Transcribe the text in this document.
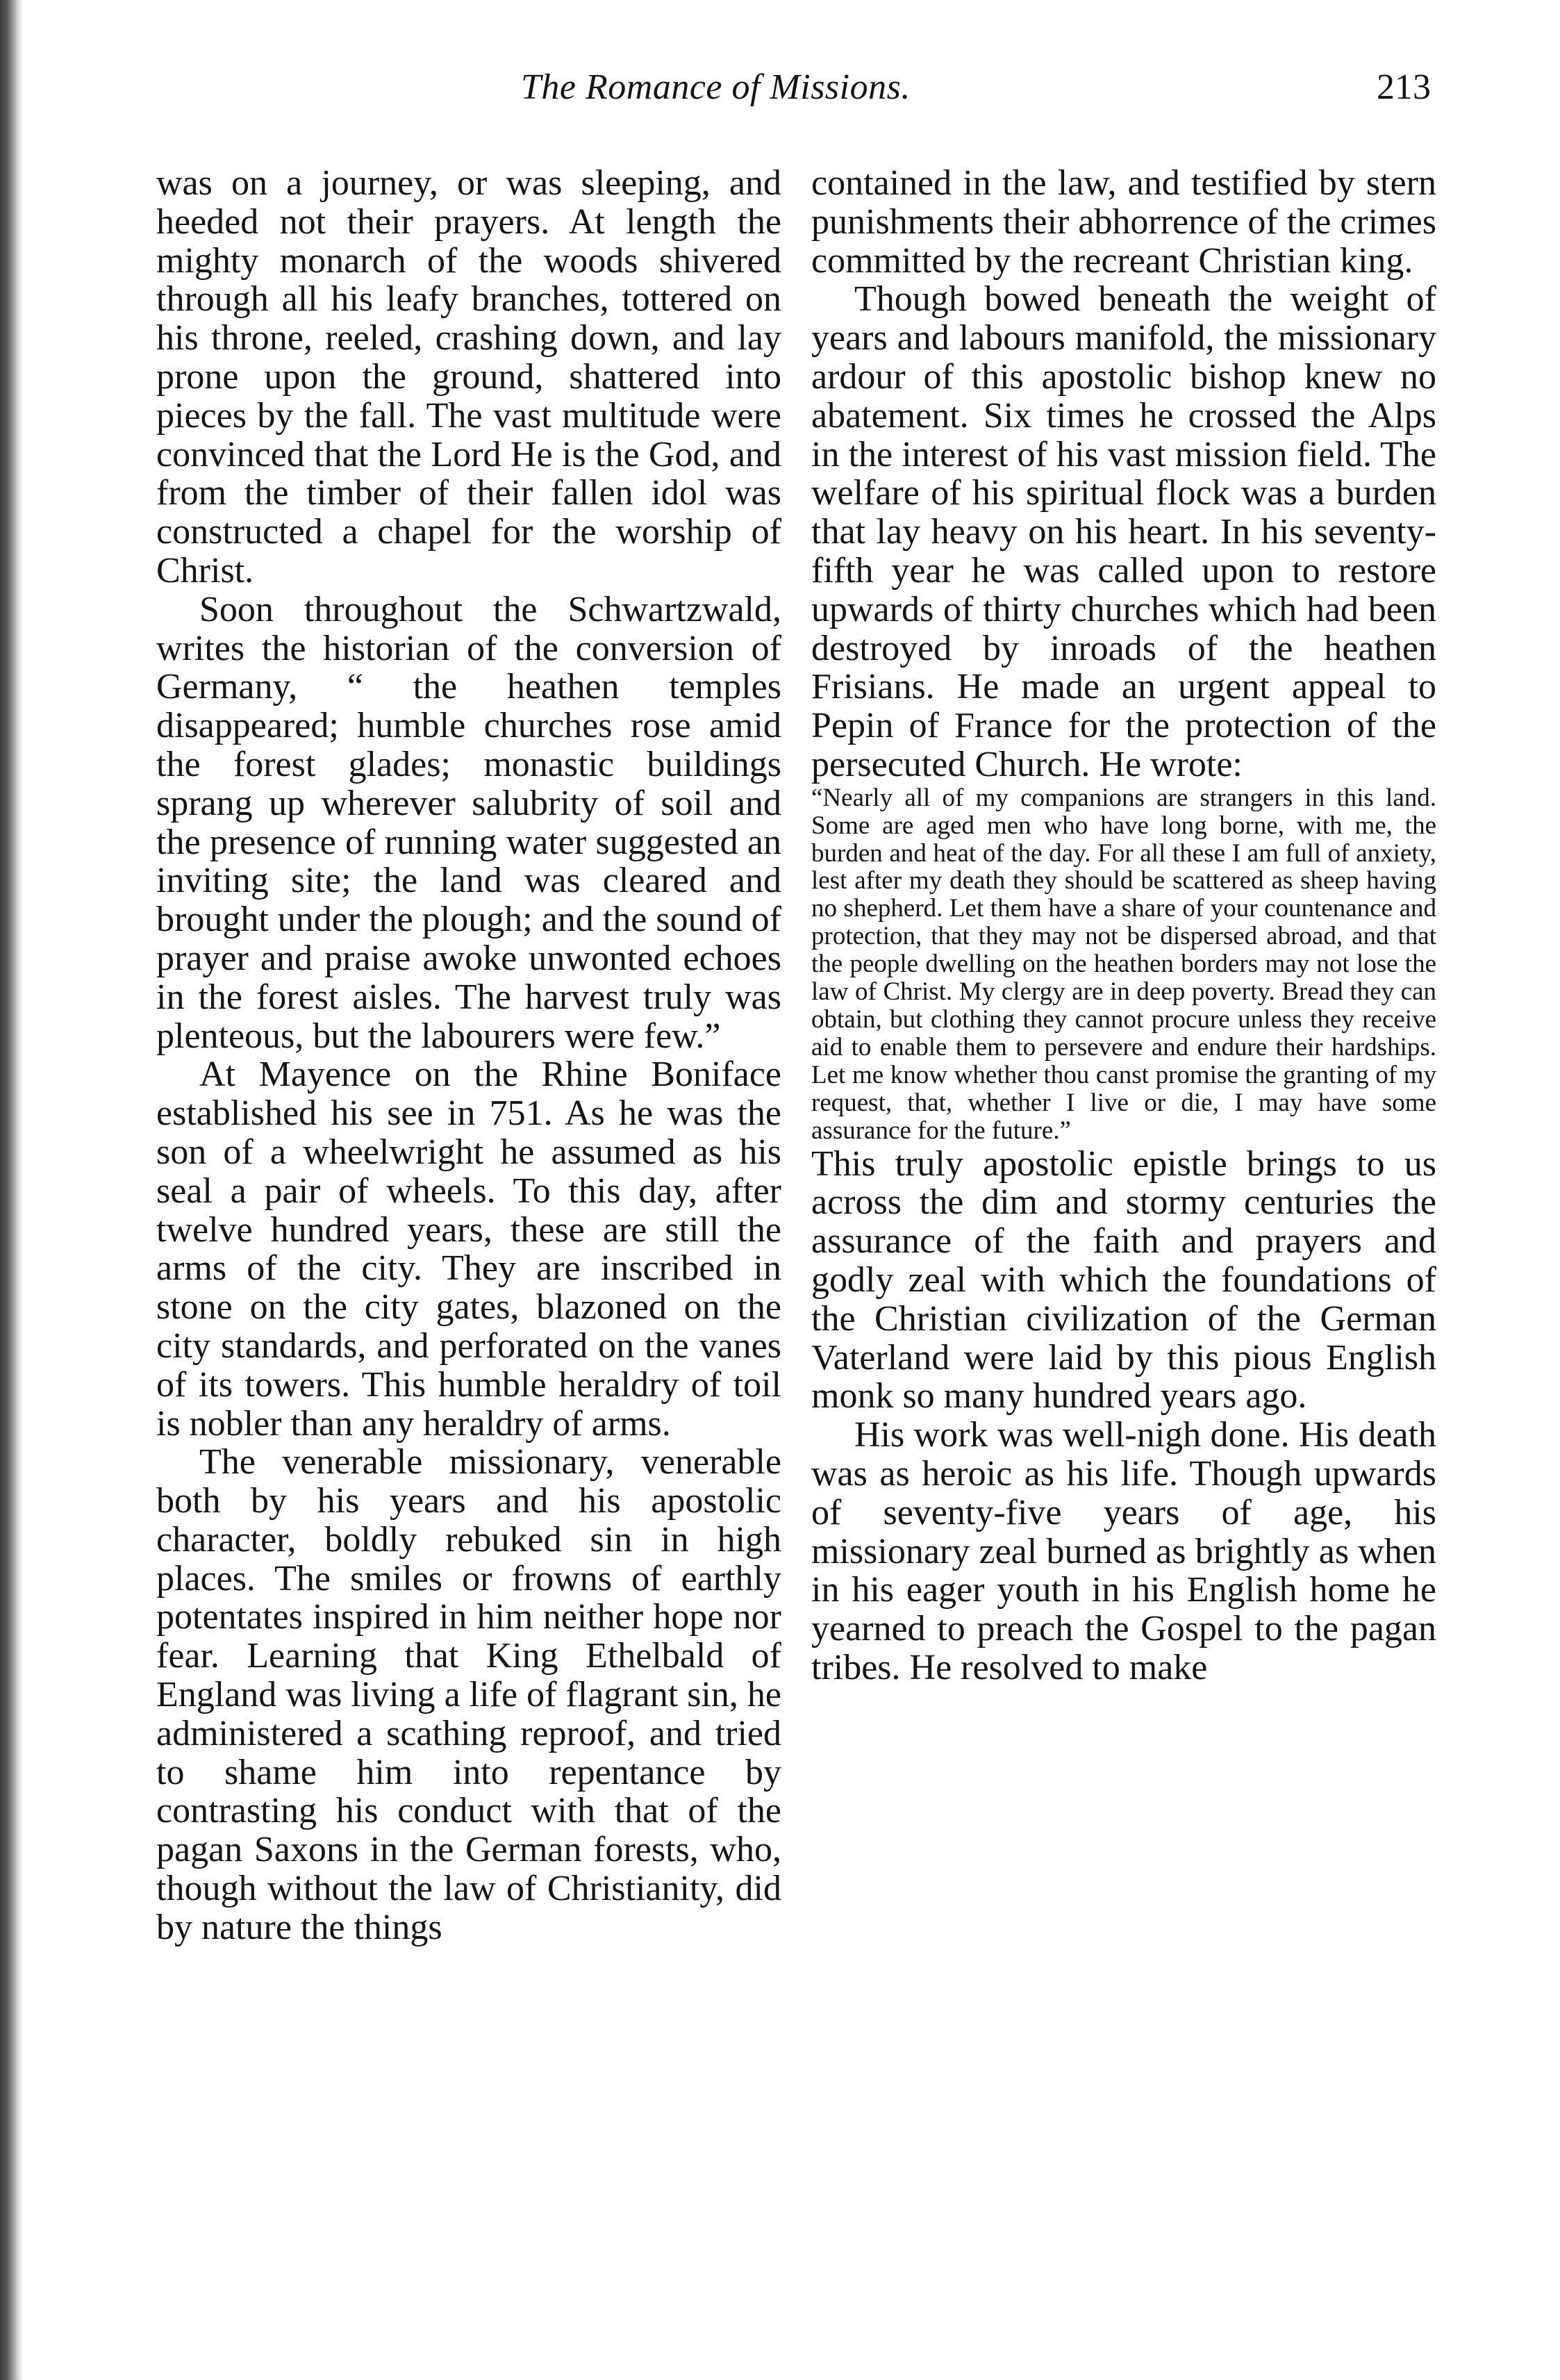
The Romance of Missions.	213

was on a journey, or was sleeping, and heeded not their prayers. At length the mighty monarch of the woods shivered through all his leafy branches, tottered on his throne, reeled, crashing down, and lay prone upon the ground, shattered into pieces by the fall. The vast multitude were convinced that the Lord He is the God, and from the timber of their fallen idol was constructed a chapel for the worship of Christ.

Soon throughout the Schwartzwald, writes the historian of the conversion of Germany, “ the heathen temples disappeared; humble churches rose amid the forest glades; monastic buildings sprang up wherever salubrity of soil and the presence of running water suggested an inviting site; the land was cleared and brought under the plough; and the sound of prayer and praise awoke unwonted echoes in the forest aisles. The harvest truly was plenteous, but the labourers were few.”

At Mayence on the Rhine Boniface established his see in 751. As he was the son of a wheelwright he assumed as his seal a pair of wheels. To this day, after twelve hundred years, these are still the arms of the city. They are inscribed in stone on the city gates, blazoned on the city standards, and perforated on the vanes of its towers. This humble heraldry of toil is nobler than any heraldry of arms.

The venerable missionary, venerable both by his years and his apostolic character, boldly rebuked sin in high places. The smiles or frowns of earthly potentates inspired in him neither hope nor fear. Learning that King Ethelbald of England was living a life of flagrant sin, he administered a scathing reproof, and tried to shame him into repentance by contrasting his conduct with that of the pagan Saxons in the German forests, who, though without the law of Christianity, did by nature the things

contained in the law, and testified by stern punishments their abhorrence of the crimes committed by the recreant Christian king.

Though bowed beneath the weight of years and labours manifold, the missionary ardour of this apostolic bishop knew no abatement. Six times he crossed the Alps in the interest of his vast mission field. The welfare of his spiritual flock was a burden that lay heavy on his heart. In his seventy-fifth year he was called upon to restore upwards of thirty churches which had been destroyed by inroads of the heathen Frisians. He made an urgent appeal to Pepin of France for the protection of the persecuted Church. He wrote:

“Nearly all of my companions are strangers in this land. Some are aged men who have long borne, with me, the burden and heat of the day. For all these I am full of anxiety, lest after my death they should be scattered as sheep having no shepherd. Let them have a share of your countenance and protection, that they may not be dispersed abroad, and that the people dwelling on the heathen borders may not lose the law of Christ. My clergy are in deep poverty. Bread they can obtain, but clothing they cannot procure unless they receive aid to enable them to persevere and endure their hardships. Let me know whether thou canst promise the granting of my request, that, whether I live or die, I may have some assurance for the future.”

This truly apostolic epistle brings to us across the dim and stormy centuries the assurance of the faith and prayers and godly zeal with which the foundations of the Christian civilization of the German Vaterland were laid by this pious English monk so many hundred years ago.

His work was well-nigh done. His death was as heroic as his life. Though upwards of seventy-five years of age, his missionary zeal burned as brightly as when in his eager youth in his English home he yearned to preach the Gospel to the pagan tribes. He resolved to make
